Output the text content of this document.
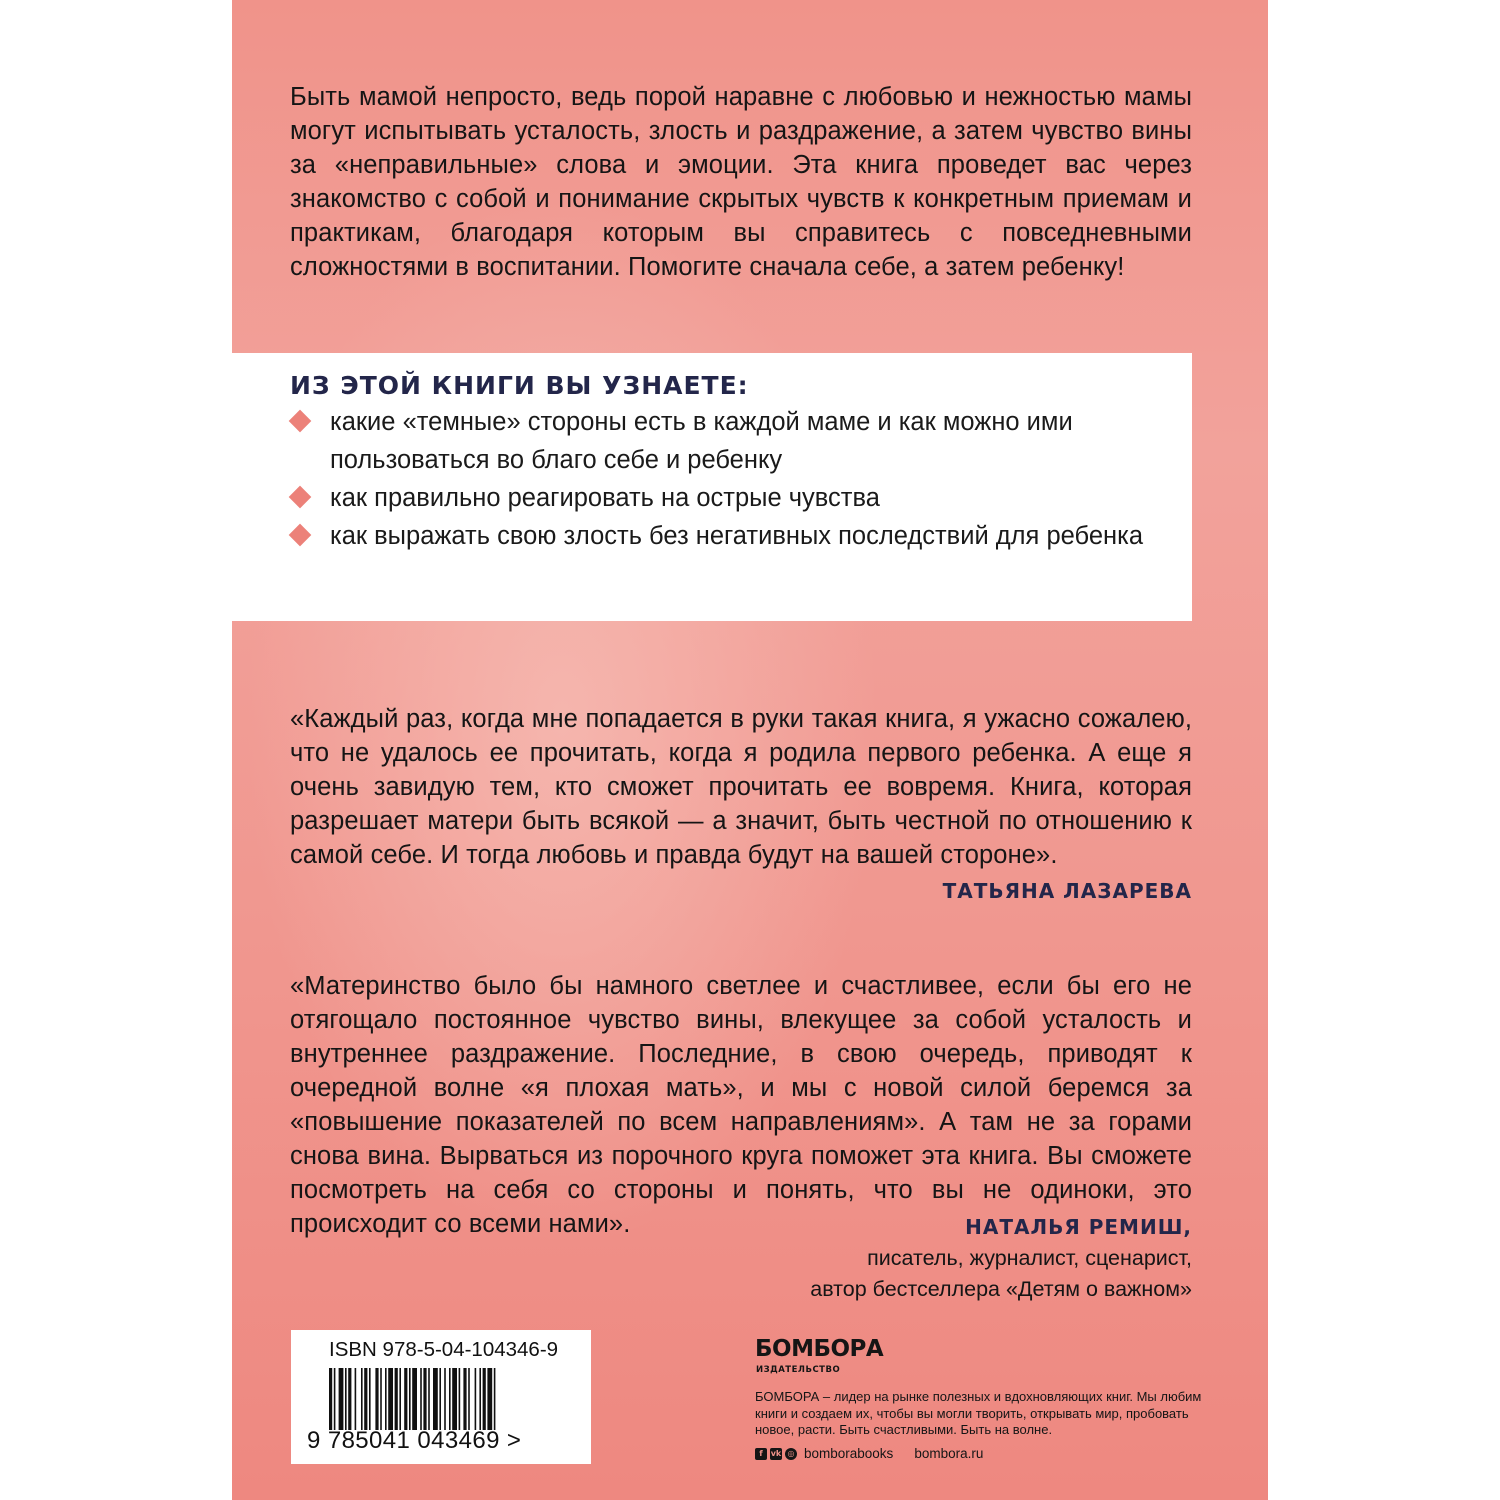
Быть мамой непросто, ведь порой наравне с любовью и нежностью мамы могут испытывать усталость, злость и раздражение, а затем чувство вины за «неправильные» слова и эмоции. Эта книга проведет вас через знакомство с собой и понимание скрытых чувств к конкретным приемам и практикам, благодаря которым вы справитесь с повседневными сложностями в воспитании. Помогите сначала себе, а затем ребенку!

ИЗ ЭТОЙ КНИГИ ВЫ УЗНАЕТЕ:
какие «темные» стороны есть в каждой маме и как можно ими пользоваться во благо себе и ребенку
как правильно реагировать на острые чувства
как выражать свою злость без негативных последствий для ребенка

«Каждый раз, когда мне попадается в руки такая книга, я ужасно сожалею, что не удалось ее прочитать, когда я родила первого ребенка. А еще я очень завидую тем, кто сможет прочитать ее вовремя. Книга, которая разрешает матери быть всякой — а значит, быть честной по отношению к самой себе. И тогда любовь и правда будут на вашей стороне».

ТАТЬЯНА ЛАЗАРЕВА

«Материнство было бы намного светлее и счастливее, если бы его не отягощало постоянное чувство вины, влекущее за собой усталость и внутреннее раздражение. Последние, в свою очередь, приводят к очередной волне «я плохая мать», и мы с новой силой беремся за «повышение показателей по всем направлениям». А там не за горами снова вина. Вырваться из порочного круга поможет эта книга. Вы сможете посмотреть на себя со стороны и понять, что вы не одиноки, это происходит со всеми нами».	НАТАЛЬЯ РЕМИШ,
писатель, журналист, сценарист,
автор бестселлера «Детям о важном»
ISBN 978-5-04-104346-9
9 785041 043469 >
БОМБОРА
ИЗДАТЕЛЬСТВО
БОМБОРА – лидер на рынке полезных и вдохновляющих книг. Мы любим книги и создаем их, чтобы вы могли творить, открывать мир, пробовать новое, расти. Быть счастливыми. Быть на волне.
f vk ◎ bomborabooks bombora.ru
